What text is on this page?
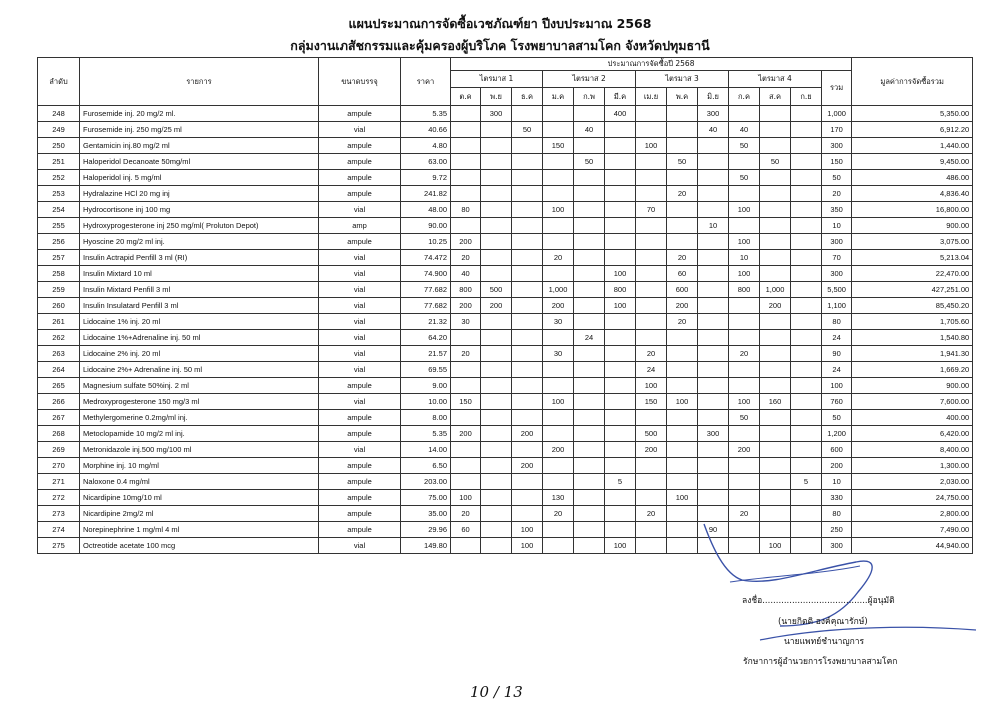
แผนประมาณการจัดซื้อเวชภัณฑ์ยา ปีงบประมาณ 2568
กลุ่มงานเภสัชกรรมและคุ้มครองผู้บริโภค โรงพยาบาลสามโคก จังหวัดปทุมธานี
ลำดับ	รายการ	ขนาดบรรจุ	ราคา	ประมาณการจัดซื้อปี 2568													มูลค่าการจัดซื้อรวม
				ไตรมาส 1			ไตรมาส 2			ไตรมาส 3			ไตรมาส 4			รวม	
				ต.ค	พ.ย	ธ.ค	ม.ค	ก.พ	มี.ค	เม.ย	พ.ค	มิ.ย	ก.ค	ส.ค	ก.ย		
248	Furosemide inj. 20 mg/2 ml.	ampule	5.35		300				400			300				1,000	5,350.00
249	Furosemide inj. 250 mg/25 ml	vial	40.66			50		40				40	40			170	6,912.20
250	Gentamicin inj.80 mg/2 ml	ampule	4.80				150			100			50			300	1,440.00
251	Haloperidol Decanoate 50mg/ml	ampule	63.00					50			50			50		150	9,450.00
252	Haloperidol inj. 5 mg/ml	ampule	9.72										50			50	486.00
253	Hydralazine HCl 20 mg inj	ampule	241.82								20					20	4,836.40
254	Hydrocortisone inj 100 mg	vial	48.00	80			100			70			100			350	16,800.00
255	Hydroxyprogesterone inj 250 mg/ml( Proluton Depot)	amp	90.00									10				10	900.00
256	Hyoscine 20 mg/2 ml inj.	ampule	10.25	200									100			300	3,075.00
257	Insulin Actrapid Penfill 3 ml (RI)	vial	74.472	20			20				20		10			70	5,213.04
258	Insulin Mixtard 10 ml	vial	74.900	40					100		60		100			300	22,470.00
259	Insulin Mixtard Penfill 3 ml	vial	77.682	800	500		1,000		800		600		800	1,000		5,500	427,251.00
260	Insulin Insulatard Penfill 3 ml	vial	77.682	200	200		200		100		200			200		1,100	85,450.20
261	Lidocaine 1% inj. 20 ml	vial	21.32	30			30				20					80	1,705.60
262	Lidocaine 1%+Adrenaline inj. 50 ml	vial	64.20					24								24	1,540.80
263	Lidocaine 2% inj. 20 ml	vial	21.57	20			30			20			20			90	1,941.30
264	Lidocaine 2%+ Adrenaline inj. 50 ml	vial	69.55							24						24	1,669.20
265	Magnesium sulfate 50%inj. 2 ml	ampule	9.00							100						100	900.00
266	Medroxyprogesterone 150 mg/3 ml	vial	10.00	150			100			150	100		100	160		760	7,600.00
267	Methylergomerine 0.2mg/ml inj.	ampule	8.00										50			50	400.00
268	Metoclopamide 10 mg/2 ml inj.	ampule	5.35	200		200				500		300				1,200	6,420.00
269	Metronidazole inj.500 mg/100 ml	vial	14.00				200			200			200			600	8,400.00
270	Morphine inj. 10 mg/ml	ampule	6.50			200										200	1,300.00
271	Naloxone 0.4 mg/ml	ampule	203.00						5						5	10	2,030.00
272	Nicardipine 10mg/10 ml	ampule	75.00	100			130				100					330	24,750.00
273	Nicardipine 2mg/2 ml	ampule	35.00	20			20			20			20			80	2,800.00
274	Norepinephrine 1 mg/ml 4 ml	ampule	29.96	60		100						90				250	7,490.00
275	Octreotide acetate 100 mcg	vial	149.80			100			100					100		300	44,940.00
ลงชื่อ.......................................ผู้อนุมัติ
(นายกิตติ องค์คุณารักษ์)
นายแพทย์ชำนาญการ
รักษาการผู้อำนวยการโรงพยาบาลสามโคก
10 / 13
